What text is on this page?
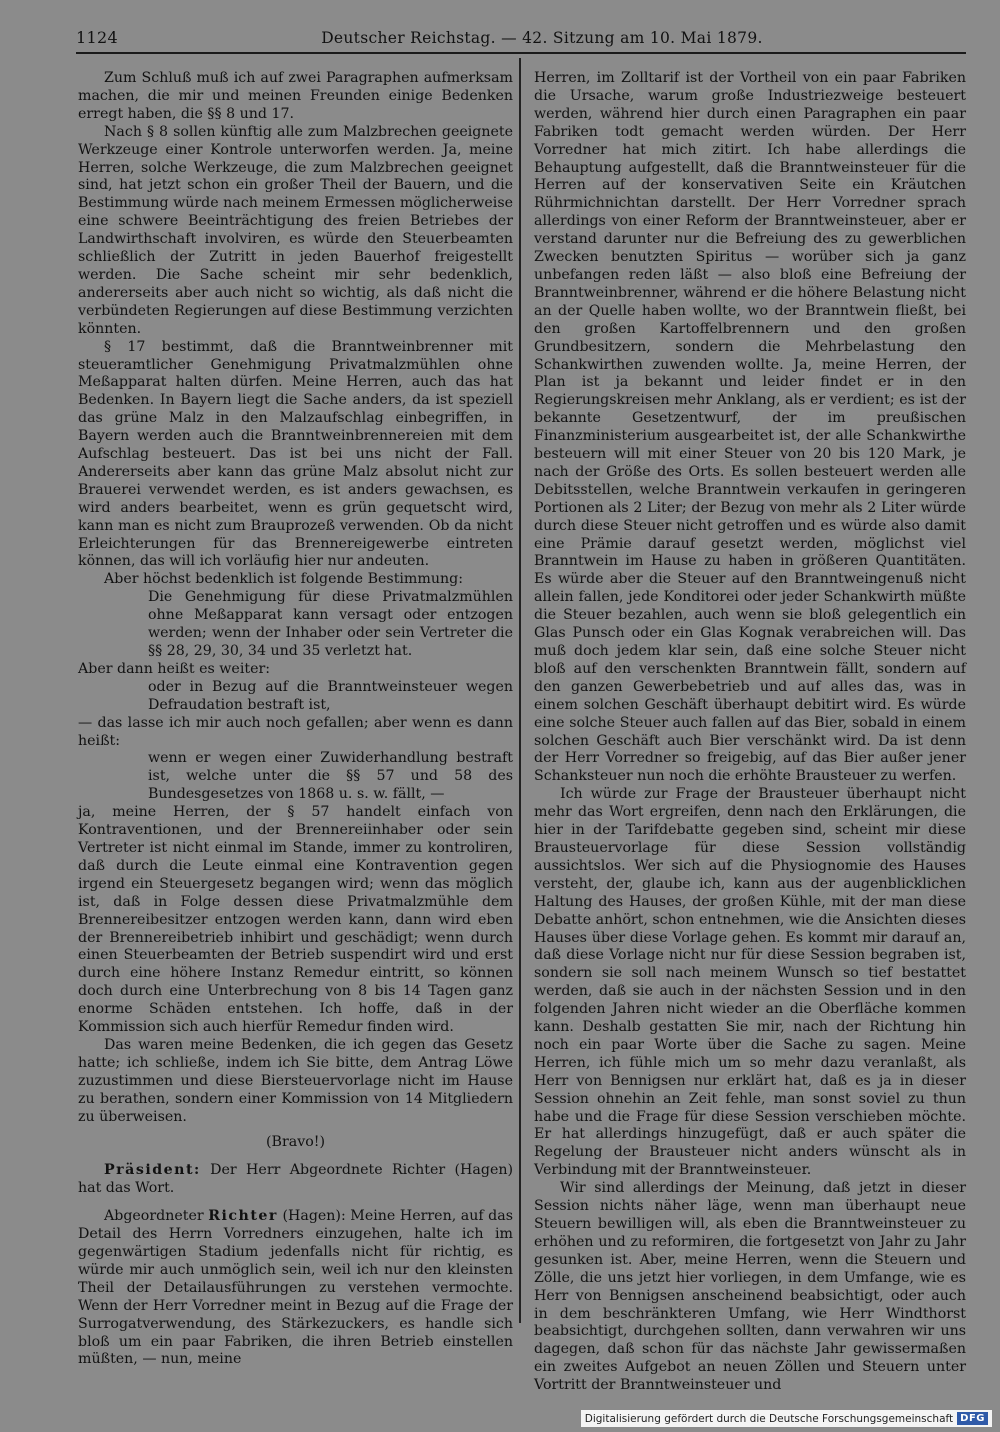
1124	Deutscher Reichstag. — 42. Sitzung am 10. Mai 1879.

Zum Schluß muß ich auf zwei Paragraphen aufmerksam machen, die mir und meinen Freunden einige Bedenken erregt haben, die §§ 8 und 17.

Nach § 8 sollen künftig alle zum Malzbrechen geeignete Werkzeuge einer Kontrole unterworfen werden. Ja, meine Herren, solche Werkzeuge, die zum Malzbrechen geeignet sind, hat jetzt schon ein großer Theil der Bauern, und die Bestimmung würde nach meinem Ermessen möglicherweise eine schwere Beeinträchtigung des freien Betriebes der Landwirthschaft involviren, es würde den Steuerbeamten schließlich der Zutritt in jeden Bauerhof freigestellt werden. Die Sache scheint mir sehr bedenklich, andererseits aber auch nicht so wichtig, als daß nicht die verbündeten Regierungen auf diese Bestimmung verzichten könnten.

§ 17 bestimmt, daß die Branntweinbrenner mit steueramtlicher Genehmigung Privatmalzmühlen ohne Meßapparat halten dürfen. Meine Herren, auch das hat Bedenken. In Bayern liegt die Sache anders, da ist speziell das grüne Malz in den Malzaufschlag einbegriffen, in Bayern werden auch die Branntweinbrennereien mit dem Aufschlag besteuert. Das ist bei uns nicht der Fall. Andererseits aber kann das grüne Malz absolut nicht zur Brauerei verwendet werden, es ist anders gewachsen, es wird anders bearbeitet, wenn es grün gequetscht wird, kann man es nicht zum Brauprozeß verwenden. Ob da nicht Erleichterungen für das Brennereigewerbe eintreten können, das will ich vorläufig hier nur andeuten.

Aber höchst bedenklich ist folgende Bestimmung:

Die Genehmigung für diese Privatmalzmühlen ohne Meßapparat kann versagt oder entzogen werden; wenn der Inhaber oder sein Vertreter die §§ 28, 29, 30, 34 und 35 verletzt hat.

Aber dann heißt es weiter:

oder in Bezug auf die Branntweinsteuer wegen Defraudation bestraft ist,

— das lasse ich mir auch noch gefallen; aber wenn es dann heißt:

wenn er wegen einer Zuwiderhandlung bestraft ist, welche unter die §§ 57 und 58 des Bundesgesetzes von 1868 u. s. w. fällt, —

ja, meine Herren, der § 57 handelt einfach von Kontraventionen, und der Brennereiinhaber oder sein Vertreter ist nicht einmal im Stande, immer zu kontroliren, daß durch die Leute einmal eine Kontravention gegen irgend ein Steuergesetz begangen wird; wenn das möglich ist, daß in Folge dessen diese Privatmalzmühle dem Brennereibesitzer entzogen werden kann, dann wird eben der Brennereibetrieb inhibirt und geschädigt; wenn durch einen Steuerbeamten der Betrieb suspendirt wird und erst durch eine höhere Instanz Remedur eintritt, so können doch durch eine Unterbrechung von 8 bis 14 Tagen ganz enorme Schäden entstehen. Ich hoffe, daß in der Kommission sich auch hierfür Remedur finden wird.

Das waren meine Bedenken, die ich gegen das Gesetz hatte; ich schließe, indem ich Sie bitte, dem Antrag Löwe zuzustimmen und diese Biersteuervorlage nicht im Hause zu berathen, sondern einer Kommission von 14 Mitgliedern zu überweisen.

(Bravo!)

Präsident: Der Herr Abgeordnete Richter (Hagen) hat das Wort.

Abgeordneter Richter (Hagen): Meine Herren, auf das Detail des Herrn Vorredners einzugehen, halte ich im gegenwärtigen Stadium jedenfalls nicht für richtig, es würde mir auch unmöglich sein, weil ich nur den kleinsten Theil der Detailausführungen zu verstehen vermochte. Wenn der Herr Vorredner meint in Bezug auf die Frage der Surrogatverwendung, des Stärkezuckers, es handle sich bloß um ein paar Fabriken, die ihren Betrieb einstellen müßten, — nun, meine

Herren, im Zolltarif ist der Vortheil von ein paar Fabriken die Ursache, warum große Industriezweige besteuert werden, während hier durch einen Paragraphen ein paar Fabriken todt gemacht werden würden. Der Herr Vorredner hat mich zitirt. Ich habe allerdings die Behauptung aufgestellt, daß die Branntweinsteuer für die Herren auf der konservativen Seite ein Kräutchen Rührmichnichtan darstellt. Der Herr Vorredner sprach allerdings von einer Reform der Branntweinsteuer, aber er verstand darunter nur die Befreiung des zu gewerblichen Zwecken benutzten Spiritus — worüber sich ja ganz unbefangen reden läßt — also bloß eine Befreiung der Branntweinbrenner, während er die höhere Belastung nicht an der Quelle haben wollte, wo der Branntwein fließt, bei den großen Kartoffelbrennern und den großen Grundbesitzern, sondern die Mehrbelastung den Schankwirthen zuwenden wollte. Ja, meine Herren, der Plan ist ja bekannt und leider findet er in den Regierungskreisen mehr Anklang, als er verdient; es ist der bekannte Gesetzentwurf, der im preußischen Finanzministerium ausgearbeitet ist, der alle Schankwirthe besteuern will mit einer Steuer von 20 bis 120 Mark, je nach der Größe des Orts. Es sollen besteuert werden alle Debitsstellen, welche Branntwein verkaufen in geringeren Portionen als 2 Liter; der Bezug von mehr als 2 Liter würde durch diese Steuer nicht getroffen und es würde also damit eine Prämie darauf gesetzt werden, möglichst viel Branntwein im Hause zu haben in größeren Quantitäten. Es würde aber die Steuer auf den Branntweingenuß nicht allein fallen, jede Konditorei oder jeder Schankwirth müßte die Steuer bezahlen, auch wenn sie bloß gelegentlich ein Glas Punsch oder ein Glas Kognak verabreichen will. Das muß doch jedem klar sein, daß eine solche Steuer nicht bloß auf den verschenkten Branntwein fällt, sondern auf den ganzen Gewerbebetrieb und auf alles das, was in einem solchen Geschäft überhaupt debitirt wird. Es würde eine solche Steuer auch fallen auf das Bier, sobald in einem solchen Geschäft auch Bier verschänkt wird. Da ist denn der Herr Vorredner so freigebig, auf das Bier außer jener Schanksteuer nun noch die erhöhte Brausteuer zu werfen.

Ich würde zur Frage der Brausteuer überhaupt nicht mehr das Wort ergreifen, denn nach den Erklärungen, die hier in der Tarifdebatte gegeben sind, scheint mir diese Brausteuervorlage für diese Session vollständig aussichtslos. Wer sich auf die Physiognomie des Hauses versteht, der, glaube ich, kann aus der augenblicklichen Haltung des Hauses, der großen Kühle, mit der man diese Debatte anhört, schon entnehmen, wie die Ansichten dieses Hauses über diese Vorlage gehen. Es kommt mir darauf an, daß diese Vorlage nicht nur für diese Session begraben ist, sondern sie soll nach meinem Wunsch so tief bestattet werden, daß sie auch in der nächsten Session und in den folgenden Jahren nicht wieder an die Oberfläche kommen kann. Deshalb gestatten Sie mir, nach der Richtung hin noch ein paar Worte über die Sache zu sagen. Meine Herren, ich fühle mich um so mehr dazu veranlaßt, als Herr von Bennigsen nur erklärt hat, daß es ja in dieser Session ohnehin an Zeit fehle, man sonst soviel zu thun habe und die Frage für diese Session verschieben möchte. Er hat allerdings hinzugefügt, daß er auch später die Regelung der Brausteuer nicht anders wünscht als in Verbindung mit der Branntweinsteuer.

Wir sind allerdings der Meinung, daß jetzt in dieser Session nichts näher läge, wenn man überhaupt neue Steuern bewilligen will, als eben die Branntweinsteuer zu erhöhen und zu reformiren, die fortgesetzt von Jahr zu Jahr gesunken ist. Aber, meine Herren, wenn die Steuern und Zölle, die uns jetzt hier vorliegen, in dem Umfange, wie es Herr von Bennigsen anscheinend beabsichtigt, oder auch in dem beschränkteren Umfang, wie Herr Windthorst beabsichtigt, durchgehen sollten, dann verwahren wir uns dagegen, daß schon für das nächste Jahr gewissermaßen ein zweites Aufgebot an neuen Zöllen und Steuern unter Vortritt der Branntweinsteuer und

Digitalisierung gefördert durch die Deutsche Forschungsgemeinschaft DFG
